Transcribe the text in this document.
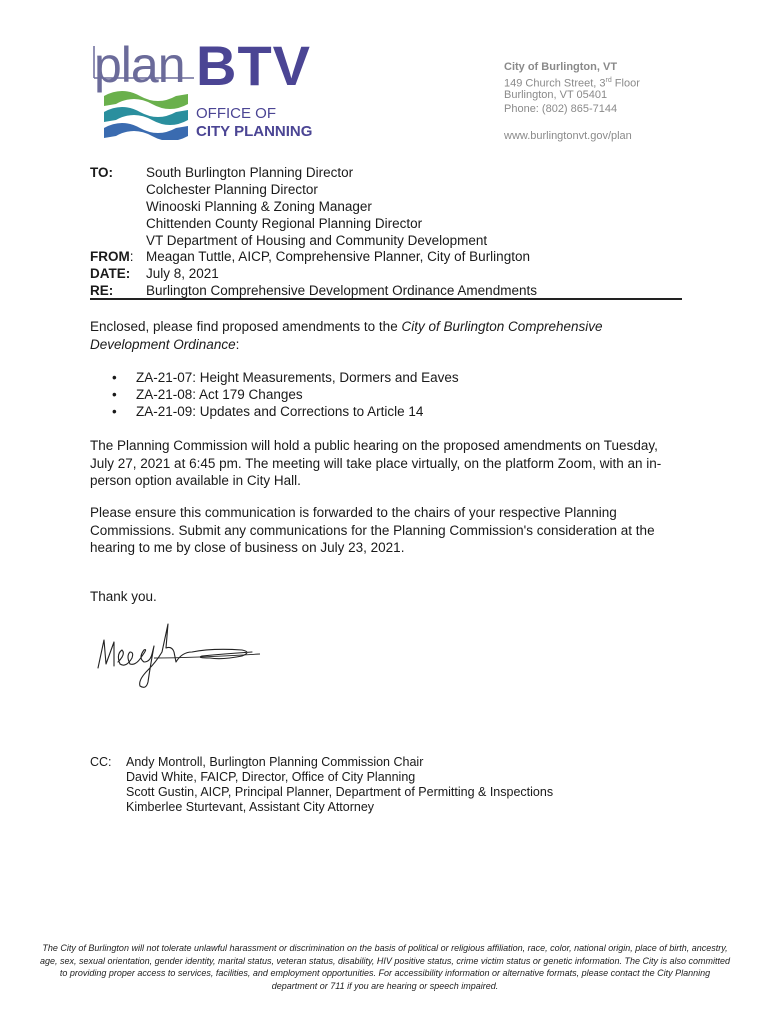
plan BTV
OFFICE OF
CITY PLANNING
City of Burlington, VT
149 Church Street, 3rd Floor
Burlington, VT 05401
Phone: (802) 865-7144
www.burlingtonvt.gov/plan
TO: South Burlington Planning Director
Colchester Planning Director
Winooski Planning & Zoning Manager
Chittenden County Regional Planning Director
VT Department of Housing and Community Development
FROM: Meagan Tuttle, AICP, Comprehensive Planner, City of Burlington
DATE: July 8, 2021
RE: Burlington Comprehensive Development Ordinance Amendments
Enclosed, please find proposed amendments to the City of Burlington Comprehensive Development Ordinance:
• ZA-21-07: Height Measurements, Dormers and Eaves
• ZA-21-08: Act 179 Changes
• ZA-21-09: Updates and Corrections to Article 14
The Planning Commission will hold a public hearing on the proposed amendments on Tuesday, July 27, 2021 at 6:45 pm. The meeting will take place virtually, on the platform Zoom, with an in-person option available in City Hall.
Please ensure this communication is forwarded to the chairs of your respective Planning Commissions. Submit any communications for the Planning Commission's consideration at the hearing to me by close of business on July 23, 2021.
Thank you.
CC: Andy Montroll, Burlington Planning Commission Chair
David White, FAICP, Director, Office of City Planning
Scott Gustin, AICP, Principal Planner, Department of Permitting & Inspections
Kimberlee Sturtevant, Assistant City Attorney
The City of Burlington will not tolerate unlawful harassment or discrimination on the basis of political or religious affiliation, race, color, national origin, place of birth, ancestry, age, sex, sexual orientation, gender identity, marital status, veteran status, disability, HIV positive status, crime victim status or genetic information. The City is also committed to providing proper access to services, facilities, and employment opportunities. For accessibility information or alternative formats, please contact the City Planning department or 711 if you are hearing or speech impaired.
